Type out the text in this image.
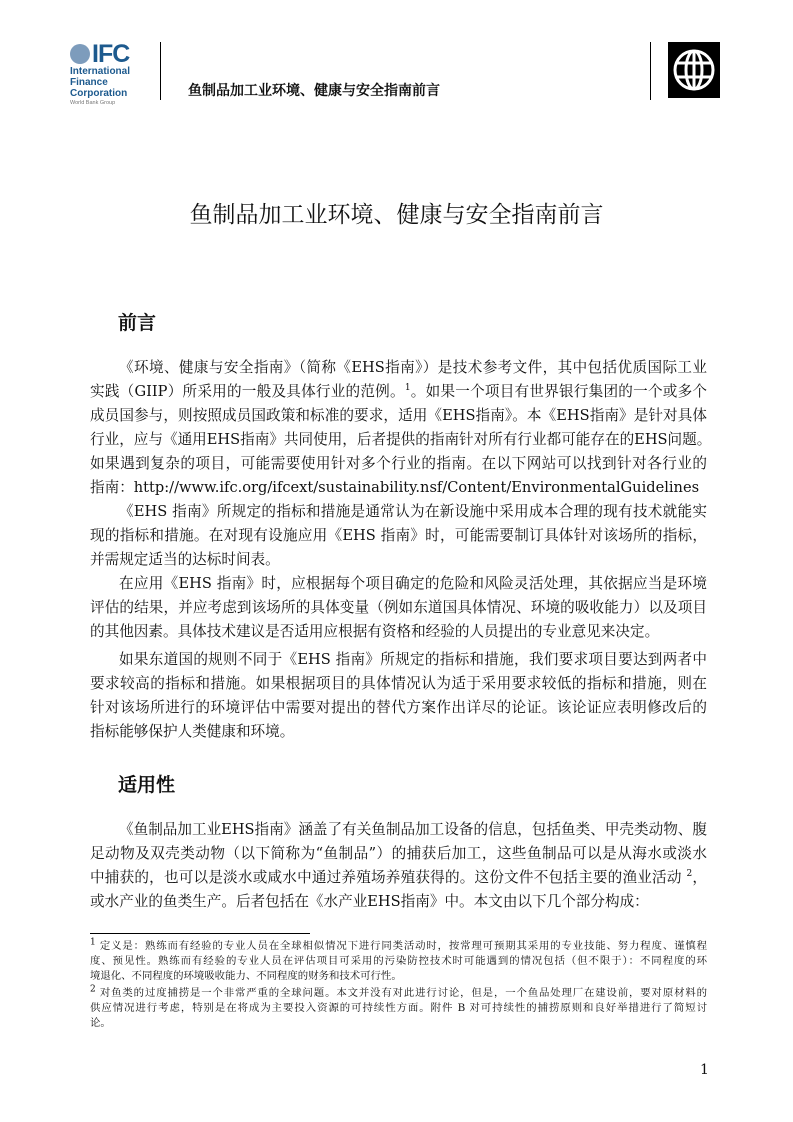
IFC
International
Finance
Corporation
World Bank Group
鱼制品加工业环境、健康与安全指南前言
鱼制品加工业环境、健康与安全指南前言
前言
《环境、健康与安全指南》（简称《EHS指南》）是技术参考文件，其中包括优质国际工业
实践（GIIP）所采用的一般及具体行业的范例。$^1$。如果一个项目有世界银行集团的一个或多个
成员国参与，则按照成员国政策和标准的要求，适用《EHS指南》。本《EHS指南》是针对具体
行业，应与《通用EHS指南》共同使用，后者提供的指南针对所有行业都可能存在的EHS问题。
如果遇到复杂的项目，可能需要使用针对多个行业的指南。在以下网站可以找到针对各行业的
指南：http://www.ifc.org/ifcext/sustainability.nsf/Content/EnvironmentalGuidelines
《EHS 指南》所规定的指标和措施是通常认为在新设施中采用成本合理的现有技术就能实
现的指标和措施。在对现有设施应用《EHS 指南》时，可能需要制订具体针对该场所的指标，
并需规定适当的达标时间表。
在应用《EHS 指南》时，应根据每个项目确定的危险和风险灵活处理，其依据应当是环境
评估的结果，并应考虑到该场所的具体变量（例如东道国具体情况、环境的吸收能力）以及项目
的其他因素。具体技术建议是否适用应根据有资格和经验的人员提出的专业意见来决定。
如果东道国的规则不同于《EHS 指南》所规定的指标和措施，我们要求项目要达到两者中
要求较高的指标和措施。如果根据项目的具体情况认为适于采用要求较低的指标和措施，则在
针对该场所进行的环境评估中需要对提出的替代方案作出详尽的论证。该论证应表明修改后的
指标能够保护人类健康和环境。
适用性
《鱼制品加工业EHS指南》涵盖了有关鱼制品加工设备的信息，包括鱼类、甲壳类动物、腹
足动物及双壳类动物（以下简称为“鱼制品”）的捕获后加工，这些鱼制品可以是从海水或淡水
中捕获的，也可以是淡水或咸水中通过养殖场养殖获得的。这份文件不包括主要的渔业活动 $^2$，
或水产业的鱼类生产。后者包括在《水产业EHS指南》中。本文由以下几个部分构成：
$^1$ 定义是：熟练而有经验的专业人员在全球相似情况下进行同类活动时，按常理可预期其采用的专业技能、努力程度、谨慎程
度、预见性。熟练而有经验的专业人员在评估项目可采用的污染防控技术时可能遇到的情况包括（但不限于）：不同程度的环
境退化、不同程度的环境吸收能力、不同程度的财务和技术可行性。
$^2$ 对鱼类的过度捕捞是一个非常严重的全球问题。本文并没有对此进行讨论，但是，一个鱼品处理厂在建设前，要对原材料的
供应情况进行考虑，特别是在将成为主要投入资源的可持续性方面。附件 B 对可持续性的捕捞原则和良好举措进行了简短讨
论。
1
